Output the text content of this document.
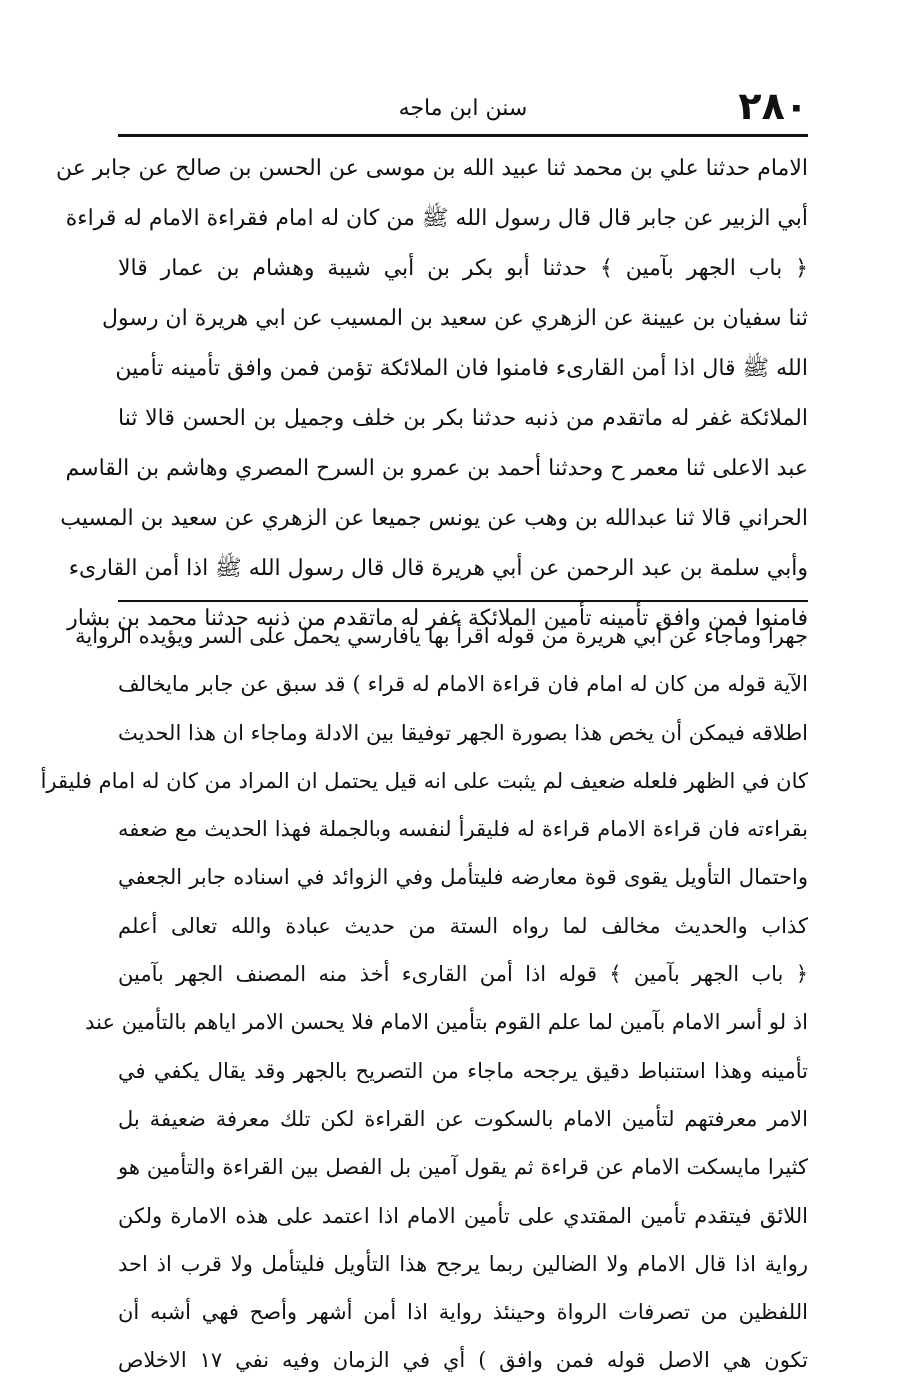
٢٨٠
سنن ابن ماجه
الامام حدثنا علي بن محمد ثنا عبيد الله بن موسى عن الحسن بن صالح عن جابر عن
أبي الزبير عن جابر قال قال رسول الله ﷺ من كان له امام فقراءة الامام له قراءة
﴿ باب الجهر بآمين ﴾ حدثنا أبو بكر بن أبي شيبة وهشام بن عمار قالا
ثنا سفيان بن عيينة عن الزهري عن سعيد بن المسيب عن ابي هريرة ان رسول
الله ﷺ قال اذا أمن القارىء فامنوا فان الملائكة تؤمن فمن وافق تأمينه تأمين
الملائكة غفر له ماتقدم من ذنبه حدثنا بكر بن خلف وجميل بن الحسن قالا ثنا
عبد الاعلى ثنا معمر ح وحدثنا أحمد بن عمرو بن السرح المصري وهاشم بن القاسم
الحراني قالا ثنا عبدالله بن وهب عن يونس جميعا عن الزهري عن سعيد بن المسيب
وأبي سلمة بن عبد الرحمن عن أبي هريرة قال قال رسول الله ﷺ اذا أمن القارىء
فامنوا فمن وافق تأمينه تأمين الملائكة غفر له ماتقدم من ذنبه حدثنا محمد بن بشار
جهرا وماجاء عن أبي هريرة من قوله اقرأ بها يافارسي يحمل على السر ويؤيده الرواية
الآية قوله من كان له امام فان قراءة الامام له قراء ) قد سبق عن جابر مايخالف
اطلاقه فيمكن أن يخص هذا بصورة الجهر توفيقا بين الادلة وماجاء ان هذا الحديث
كان في الظهر فلعله ضعيف لم يثبت على انه قيل يحتمل ان المراد من كان له امام فليقرأ
بقراءته فان قراءة الامام قراءة له فليقرأ لنفسه وبالجملة فهذا الحديث مع ضعفه
واحتمال التأويل يقوى قوة معارضه فليتأمل وفي الزوائد في اسناده جابر الجعفي
كذاب والحديث مخالف لما رواه الستة من حديث عبادة والله تعالى أعلم
﴿ باب الجهر بآمين ﴾ قوله اذا أمن القارىء أخذ منه المصنف الجهر بآمين
اذ لو أسر الامام بآمين لما علم القوم بتأمين الامام فلا يحسن الامر اياهم بالتأمين عند
تأمينه وهذا استنباط دقيق يرجحه ماجاء من التصريح بالجهر وقد يقال يكفي في
الامر معرفتهم لتأمين الامام بالسكوت عن القراءة لكن تلك معرفة ضعيفة بل
كثيرا مايسكت الامام عن قراءة ثم يقول آمين بل الفصل بين القراءة والتأمين هو
اللائق فيتقدم تأمين المقتدي على تأمين الامام اذا اعتمد على هذه الامارة ولكن
رواية اذا قال الامام ولا الضالين ربما يرجح هذا التأويل فليتأمل ولا قرب اذ احد
اللفظين من تصرفات الرواة وحينئذ رواية اذا أمن أشهر وأصح فهي أشبه أن
تكون هي الاصل قوله فمن وافق ) أي في الزمان وفيه نفي ١٧ الاخلاص
